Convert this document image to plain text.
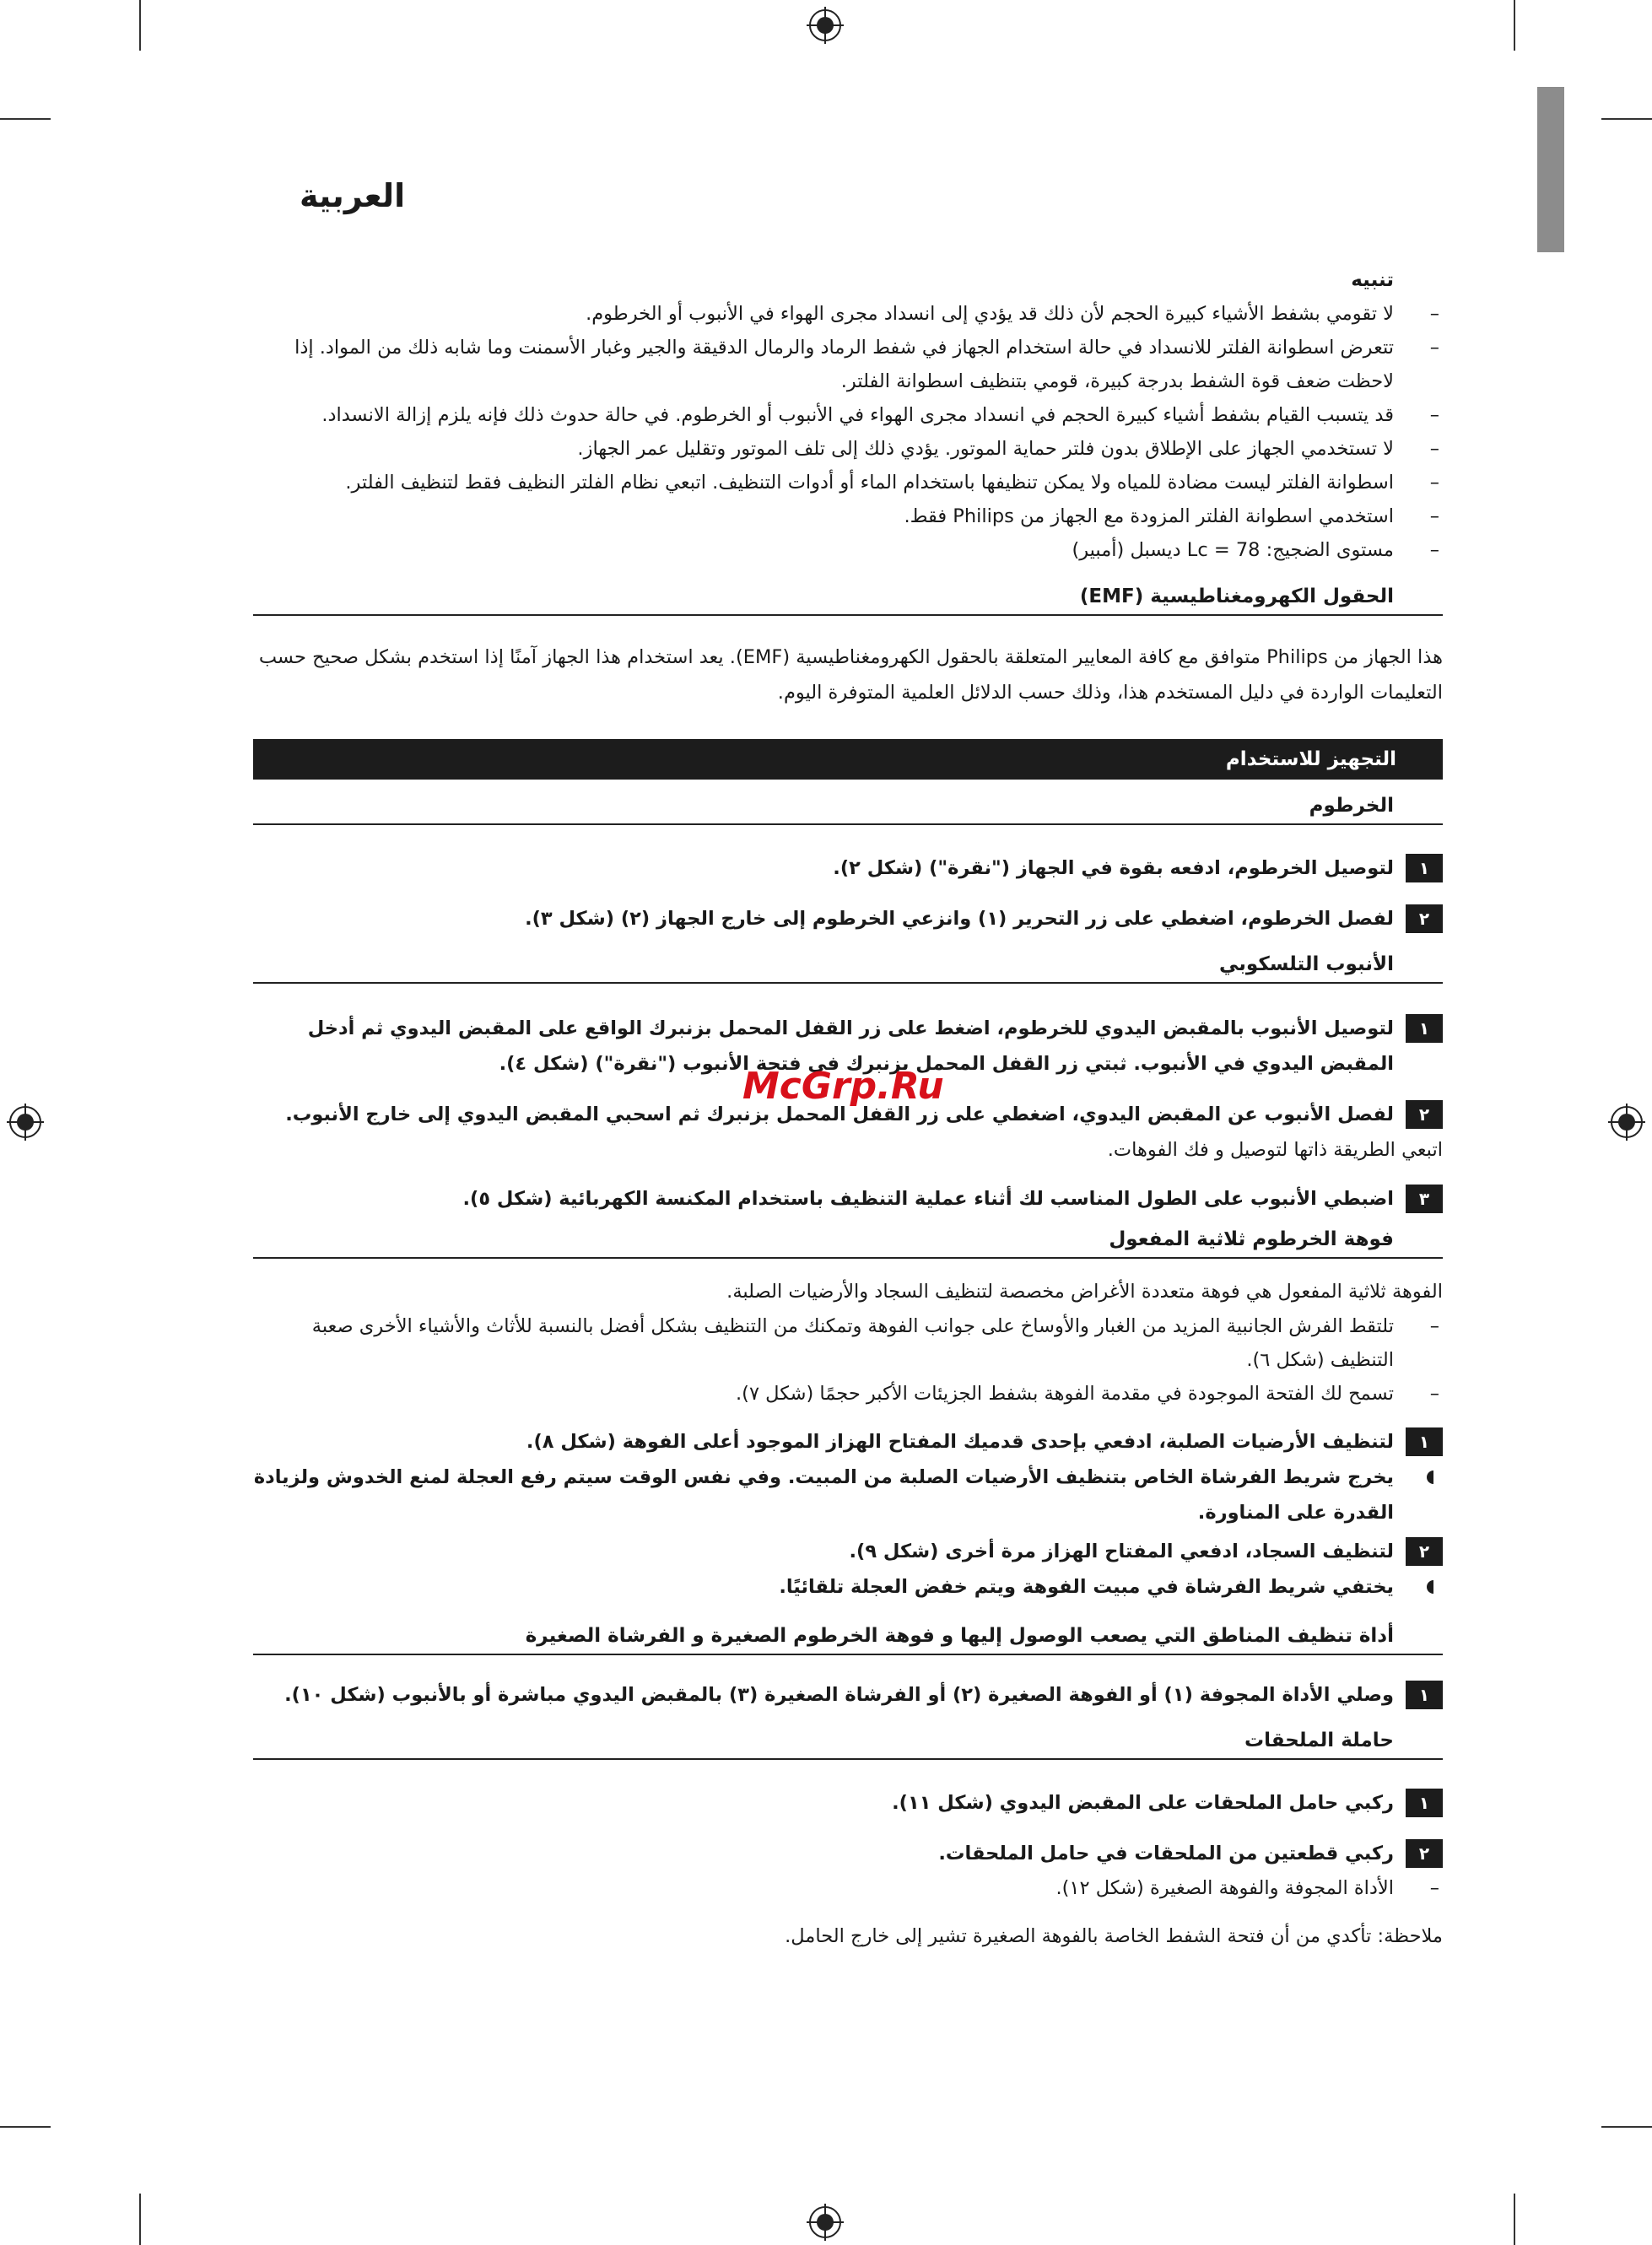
العربية

تنبيه

– لا تقومي بشفط الأشياء كبيرة الحجم لأن ذلك قد يؤدي إلى انسداد مجرى الهواء في الأنبوب أو الخرطوم.
– تتعرض اسطوانة الفلتر للانسداد في حالة استخدام الجهاز في شفط الرماد والرمال الدقيقة والجير وغبار الأسمنت وما شابه ذلك من المواد. إذا لاحظت ضعف قوة الشفط بدرجة كبيرة، قومي بتنظيف اسطوانة الفلتر.
– قد يتسبب القيام بشفط أشياء كبيرة الحجم في انسداد مجرى الهواء في الأنبوب أو الخرطوم. في حالة حدوث ذلك فإنه يلزم إزالة الانسداد.
– لا تستخدمي الجهاز على الإطلاق بدون فلتر حماية الموتور. يؤدي ذلك إلى تلف الموتور وتقليل عمر الجهاز.
– اسطوانة الفلتر ليست مضادة للمياه ولا يمكن تنظيفها باستخدام الماء أو أدوات التنظيف. اتبعي نظام الفلتر النظيف فقط لتنظيف الفلتر.
– استخدمي اسطوانة الفلتر المزودة مع الجهاز من Philips فقط.
– مستوى الضجيج: Lc = 78 ديسبل (أمبير)

الحقول الكهرومغناطيسية (EMF)

هذا الجهاز من Philips متوافق مع كافة المعايير المتعلقة بالحقول الكهرومغناطيسية (EMF). يعد استخدام هذا الجهاز آمنًا إذا استخدم بشكل صحيح حسب التعليمات الواردة في دليل المستخدم هذا، وذلك حسب الدلائل العلمية المتوفرة اليوم.

التجهيز للاستخدام

الخرطوم

١
لتوصيل الخرطوم، ادفعه بقوة في الجهاز ("نقرة") (شكل ٢).

٢
لفصل الخرطوم، اضغطي على زر التحرير (١) وانزعي الخرطوم إلى خارج الجهاز (٢) (شكل ٣).

الأنبوب التلسكوبي

١
لتوصيل الأنبوب بالمقبض اليدوي للخرطوم، اضغط على زر القفل المحمل بزنبرك الواقع على المقبض اليدوي ثم أدخل المقبض اليدوي في الأنبوب. ثبتي زر القفل المحمل بزنبرك في فتحة الأنبوب ("نقرة") (شكل ٤).

٢
لفصل الأنبوب عن المقبض اليدوي، اضغطي على زر القفل المحمل بزنبرك ثم اسحبي المقبض اليدوي إلى خارج الأنبوب.

اتبعي الطريقة ذاتها لتوصيل و فك الفوهات.

٣
اضبطي الأنبوب على الطول المناسب لك أثناء عملية التنظيف باستخدام المكنسة الكهربائية (شكل ٥).

فوهة الخرطوم ثلاثية المفعول

الفوهة ثلاثية المفعول هي فوهة متعددة الأغراض مخصصة لتنظيف السجاد والأرضيات الصلبة.

– تلتقط الفرش الجانبية المزيد من الغبار والأوساخ على جوانب الفوهة وتمكنك من التنظيف بشكل أفضل بالنسبة للأثاث والأشياء الأخرى صعبة التنظيف (شكل ٦).
– تسمح لك الفتحة الموجودة في مقدمة الفوهة بشفط الجزيئات الأكبر حجمًا (شكل ٧).

١
لتنظيف الأرضيات الصلبة، ادفعي بإحدى قدميك المفتاح الهزاز الموجود أعلى الفوهة (شكل ٨).

يخرج شريط الفرشاة الخاص بتنظيف الأرضيات الصلبة من المبيت. وفي نفس الوقت سيتم رفع العجلة لمنع الخدوش ولزيادة القدرة على المناورة.

٢
لتنظيف السجاد، ادفعي المفتاح الهزاز مرة أخرى (شكل ٩).

يختفي شريط الفرشاة في مبيت الفوهة ويتم خفض العجلة تلقائيًا.

أداة تنظيف المناطق التي يصعب الوصول إليها و فوهة الخرطوم الصغيرة و الفرشاة الصغيرة

١
وصلي الأداة المجوفة (١) أو الفوهة الصغيرة (٢) أو الفرشاة الصغيرة (٣) بالمقبض اليدوي مباشرة أو بالأنبوب (شكل ١٠).

حاملة الملحقات

١
ركبي حامل الملحقات على المقبض اليدوي (شكل ١١).

٢
ركبي قطعتين من الملحقات في حامل الملحقات.

– الأداة المجوفة والفوهة الصغيرة (شكل ١٢).

ملاحظة: تأكدي من أن فتحة الشفط الخاصة بالفوهة الصغيرة تشير إلى خارج الحامل.

McGrp.Ru
